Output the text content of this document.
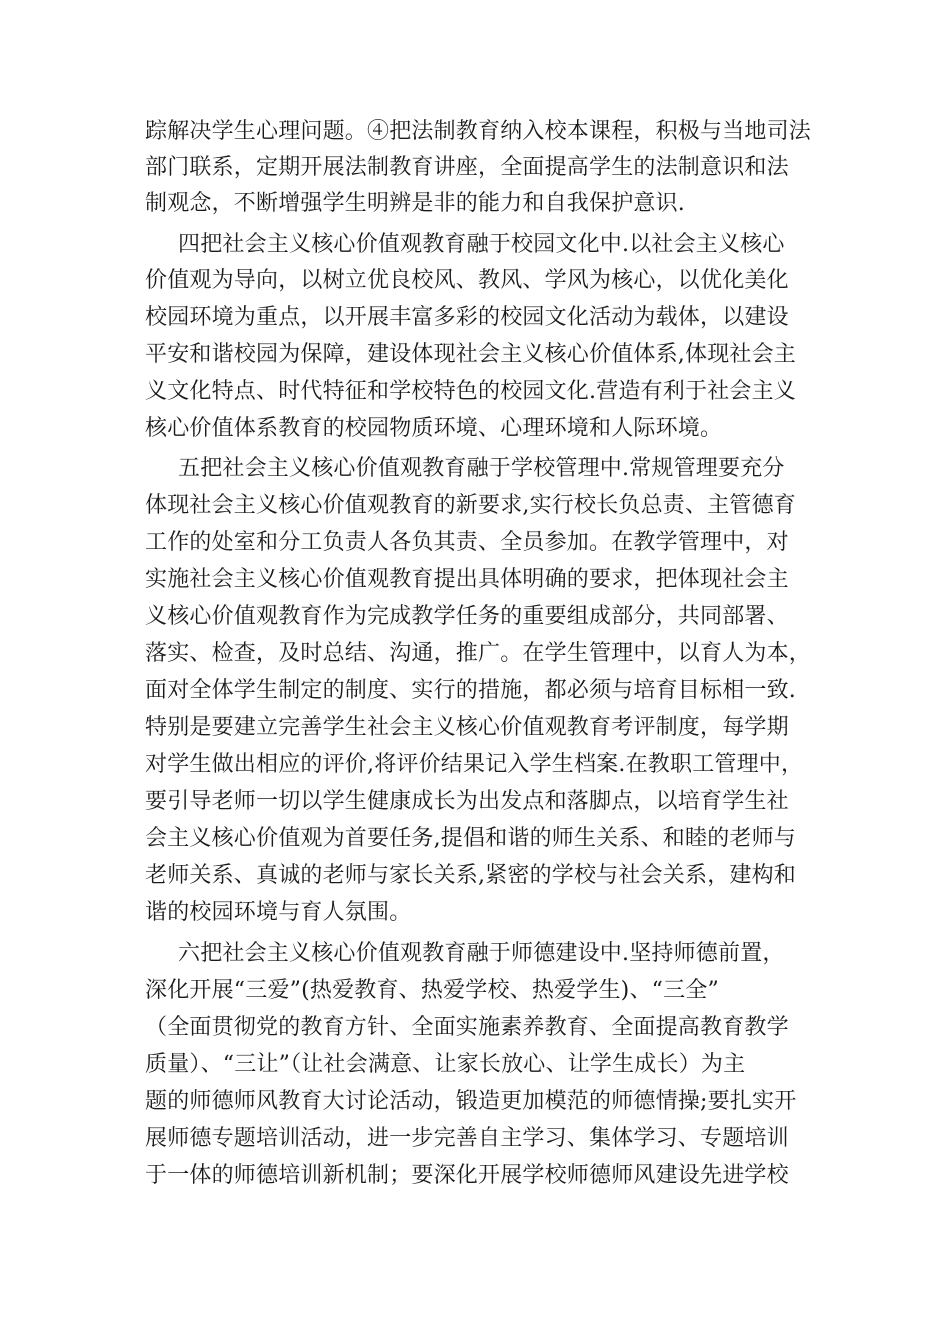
踪解决学生心理问题。④把法制教育纳入校本课程，积极与当地司法
部门联系，定期开展法制教育讲座，全面提高学生的法制意识和法
制观念，不断增强学生明辨是非的能力和自我保护意识.
四把社会主义核心价值观教育融于校园文化中.以社会主义核心
价值观为导向，以树立优良校风、教风、学风为核心，以优化美化
校园环境为重点，以开展丰富多彩的校园文化活动为载体，以建设
平安和谐校园为保障，建设体现社会主义核心价值体系,体现社会主
义文化特点、时代特征和学校特色的校园文化.营造有利于社会主义
核心价值体系教育的校园物质环境、心理环境和人际环境。
五把社会主义核心价值观教育融于学校管理中.常规管理要充分
体现社会主义核心价值观教育的新要求,实行校长负总责、主管德育
工作的处室和分工负责人各负其责、全员参加。在教学管理中，对
实施社会主义核心价值观教育提出具体明确的要求，把体现社会主
义核心价值观教育作为完成教学任务的重要组成部分，共同部署、
落实、检查，及时总结、沟通，推广。在学生管理中，以育人为本，
面对全体学生制定的制度、实行的措施，都必须与培育目标相一致.
特别是要建立完善学生社会主义核心价值观教育考评制度，每学期
对学生做出相应的评价,将评价结果记入学生档案.在教职工管理中，
要引导老师一切以学生健康成长为出发点和落脚点，以培育学生社
会主义核心价值观为首要任务,提倡和谐的师生关系、和睦的老师与
老师关系、真诚的老师与家长关系,紧密的学校与社会关系，建构和
谐的校园环境与育人氛围。
六把社会主义核心价值观教育融于师德建设中.坚持师德前置，
深化开展“三爱”(热爱教育、热爱学校、热爱学生)、“三全”
（全面贯彻党的教育方针、全面实施素养教育、全面提高教育教学
质量）、“三让”（让社会满意、让家长放心、让学生成长）为主
题的师德师风教育大讨论活动，锻造更加模范的师德情操;要扎实开
展师德专题培训活动，进一步完善自主学习、集体学习、专题培训
于一体的师德培训新机制；要深化开展学校师德师风建设先进学校
